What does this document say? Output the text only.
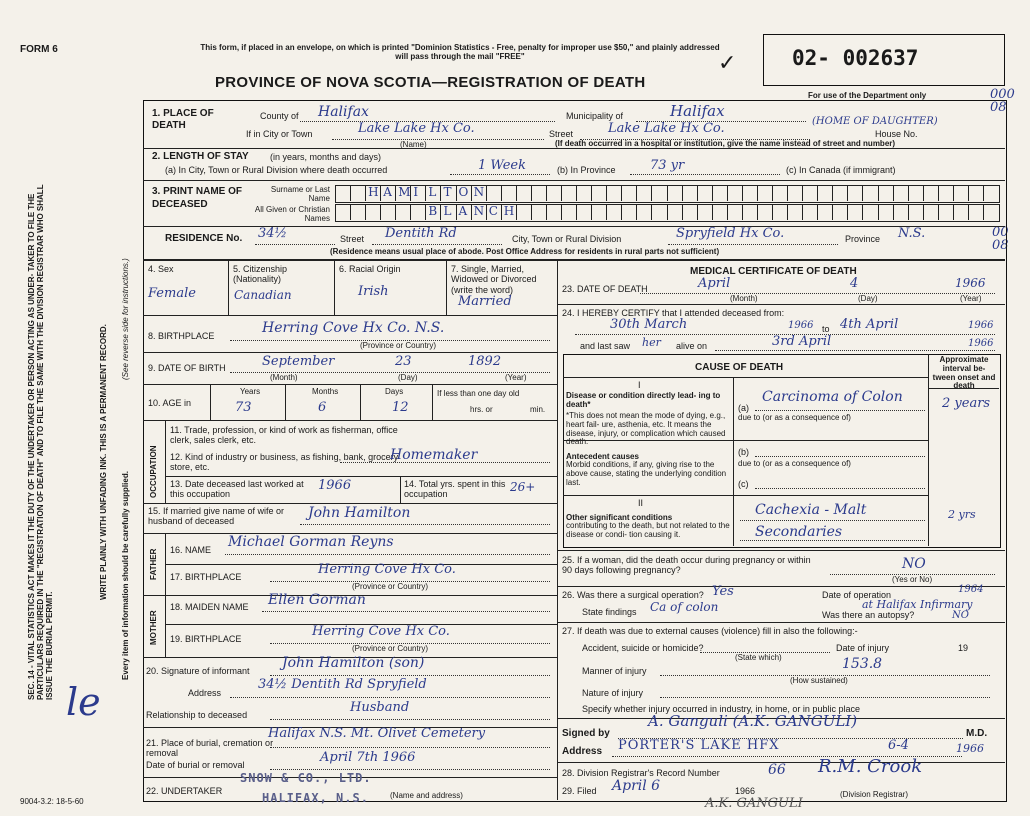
FORM 6	This form, if placed in an envelope, on which is printed "Dominion Statistics - Free, penalty for improper use $50," and plainly addressed will pass through the mail "FREE"
PROVINCE OF NOVA SCOTIA—REGISTRATION OF DEATH
02- 002637
✓
For use of the Department only	000 08
00 08
SEC. 14 - VITAL STATISTICS ACT MAKES IT THE DUTY OF THE UNDERTAKER OR PERSON ACTING AS UNDER- TAKER TO FILE THE PARTICULARS REQUIRED IN THE "REGISTRATION OF DEATH" AND TO FILE THE SAME WITH THE DIVISION REGISTRAR WHO SHALL ISSUE THE BURIAL PERMIT.
WRITE PLAINLY WITH UNFADING INK. THIS IS A PERMANENT RECORD.
(See reverse side for instructions.)
Every item of information should be carefully supplied.
le
1. PLACE OF DEATH
County of Halifax	Municipality of	Halifax
If in City or Town	Lake Lake Hx Co.
(Name)
Street	Lake Lake Hx Co.	(HOME OF DAUGHTER)
House No.
(If death occurred in a hospital or institution, give the name instead of street and number)
2. LENGTH OF STAY (in years, months and days)
(a) In City, Town or Rural Division where death occurred	1 Week	(b) In Province	73 yr	(c) In Canada (if immigrant)
3. PRINT NAME OF DECEASED
Surname or Last Name
All Given or Christian Names
H A M I L T O N
B L A N C H
RESIDENCE No. 34½	Street Dentith Rd	City, Town or Rural Division	Spryfield Hx Co.	Province N.S.
(Residence means usual place of abode. Post Office Address for residents in rural parts not sufficient)
4. Sex
Female
5. Citizenship (Nationality)
Canadian
6. Racial Origin
Irish
7. Single, Married, Widowed or Divorced (write the word)
Married
8. BIRTHPLACE	Herring Cove Hx Co. N.S.
(Province or Country)
9. DATE OF BIRTH	September	23	1892
(Month)	(Day)	(Year)
10. AGE in
Years	Months	Days
73	6	12
If less than one day old
hrs. or	min.
OCCUPATION
11. Trade, profession, or kind of work as fisherman, office clerk, sales clerk, etc.
12. Kind of industry or business, as fishing, bank, grocery store, etc.
Homemaker
13. Date deceased last worked at this occupation
1966	14. Total yrs. spent in this occupation
26+
15. If married give name of wife or husband of deceased
John Hamilton
FATHER 16. NAME Michael Gorman Reyns
17. BIRTHPLACE	Herring Cove Hx Co.
(Province or Country)
MOTHER
18. MAIDEN NAME Ellen Gorman
19. BIRTHPLACE	Herring Cove Hx Co.
(Province or Country)
20. Signature of informant John Hamilton (son)
Address
34½ Dentith Rd Spryfield
Relationship to deceased	Husband
21. Place of burial, cremation or removal
Halifax N.S. Mt. Olivet Cemetery
Date of burial or removal	April 7th 1966
22. UNDERTAKER
SNOW & CO., LTD.
HALIFAX, N.S.	(Name and address)
9004-3.2: 18-5-60
MEDICAL CERTIFICATE OF DEATH
23. DATE OF DEATH	April	4	1966
(Month)	(Day)	(Year)
24. I HEREBY CERTIFY that I attended deceased from:
30th March	1966 to 4th April	1966
and last saw her alive on	3rd April	1966
CAUSE OF DEATH
Approximate interval be- tween onset and death
I
Disease or condition directly lead- ing to death*
*This does not mean the mode of dying, e.g., heart fail- ure, asthenia, etc. It means the disease, injury, or complication which caused death.
(a)
Carcinoma of Colon	2 years
due to (or as a consequence of)
Antecedent causes
Morbid conditions, if any, giving rise to the above cause, stating the underlying condition last.
(b)
due to (or as a consequence of)
(c)
II
Other significant conditions
contributing to the death, but not related to the disease or condi- tion causing it.
Cachexia - Malt	2 yrs
Secondaries
25. If a woman, did the death occur during pregnancy or within 90 days following pregnancy?	NO
(Yes or No)
26. Was there a surgical operation? Yes	Date of operation	1964
State findings Ca of colon
Was there an autopsy?
at Halifax Infirmary
NO
27. If death was due to external causes (violence) fill in also the following:-
Accident, suicide or homicide?
(State which)
Date of injury	19
Manner of injury	153.8
(How sustained)
Nature of injury
Specify whether injury occurred in industry, in home, or in public place
Signed by
A. Ganguli (A.K. GANGULI)
M.D.
Address PORTER'S LAKE HFX	6-4	1966
28. Division Registrar's Record Number	66 R.M. Crook
29. Filed April 6	1966	(Division Registrar)
A.K. GANGULI
